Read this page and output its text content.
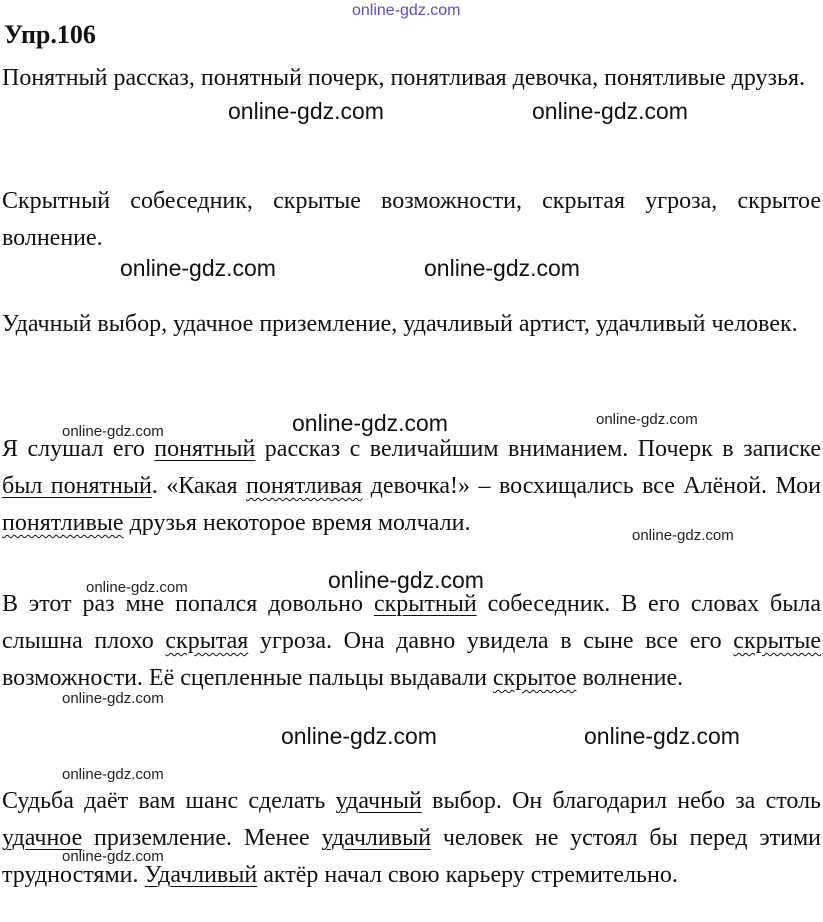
online-gdz.com
Упр.106

Понятный рассказ, понятный почерк, понятливая девочка, понятливые друзья.

Скрытный собеседник, скрытые возможности, скрытая угроза, скрытое волнение.

Удачный выбор, удачное приземление, удачливый артист, удачливый человек.

Я слушал его понятный рассказ с величайшим вниманием. Почерк в записке был понятный. «Какая понятливая девочка!» – восхищались все Алёной. Мои понятливые друзья некоторое время молчали.

В этот раз мне попался довольно скрытный собеседник. В его словах была слышна плохо скрытая угроза. Она давно увидела в сыне все его скрытые возможности. Её сцепленные пальцы выдавали скрытое волнение.

Судьба даёт вам шанс сделать удачный выбор. Он благодарил небо за столь удачное приземление. Менее удачливый человек не устоял бы перед этими трудностями. Удачливый актёр начал свою карьеру стремительно.

online-gdz.com	online-gdz.com
online-gdz.com	online-gdz.com
online-gdz.com
online-gdz.com
online-gdz.com
online-gdz.com
online-gdz.com
online-gdz.com
online-gdz.com
online-gdz.com	online-gdz.com
online-gdz.com
online-gdz.com
